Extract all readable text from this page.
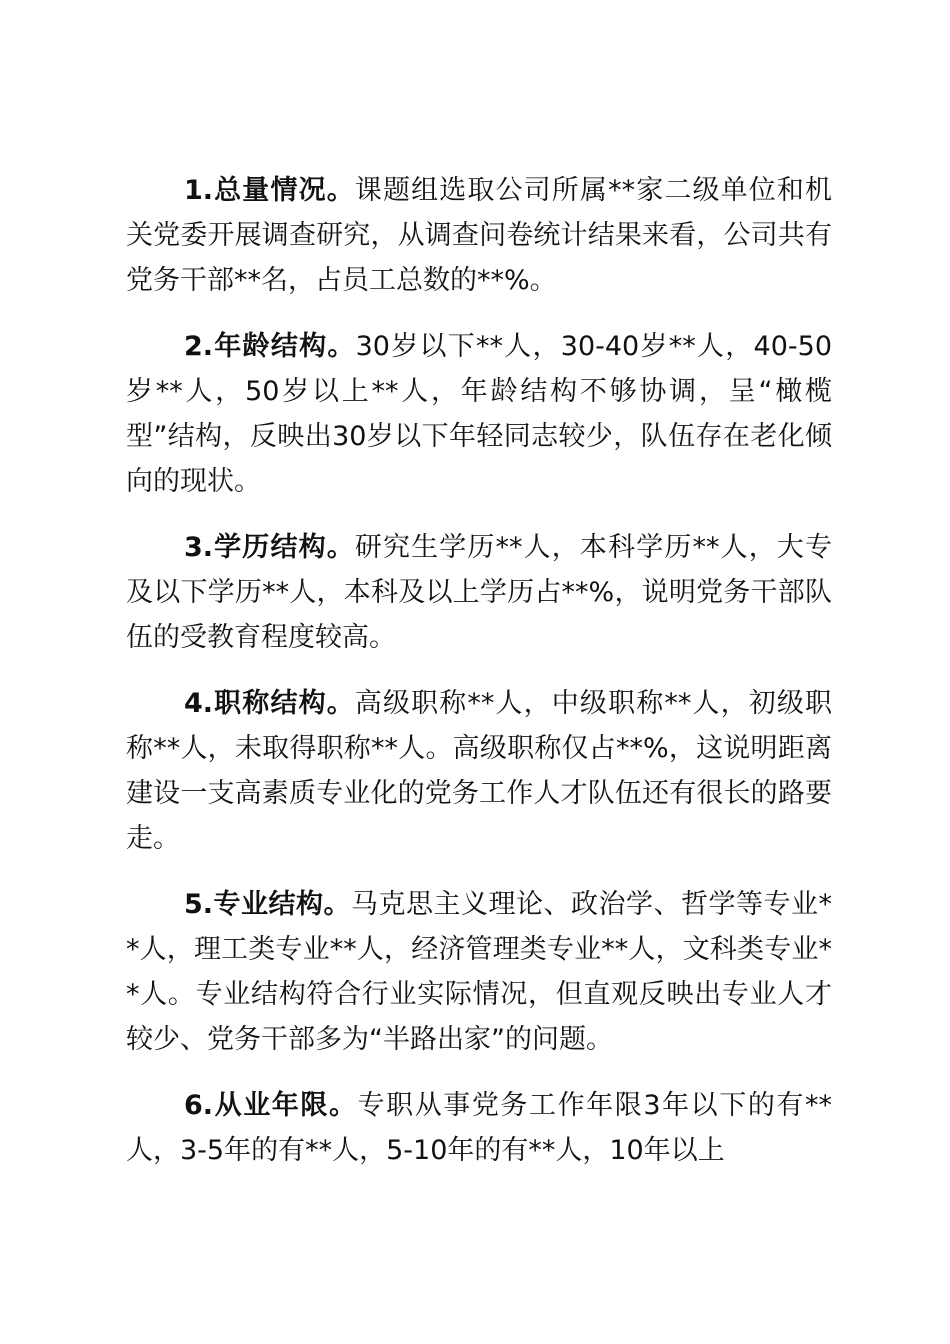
1.总量情况。课题组选取公司所属**家二级单位和机关党委开展调查研究，从调查问卷统计结果来看，公司共有党务干部**名，占员工总数的**%。

2.年龄结构。30岁以下**人，30-40岁**人，40-50岁**人，50岁以上**人，年龄结构不够协调，呈“橄榄型”结构，反映出30岁以下年轻同志较少，队伍存在老化倾向的现状。

3.学历结构。研究生学历**人，本科学历**人，大专及以下学历**人，本科及以上学历占**%，说明党务干部队伍的受教育程度较高。

4.职称结构。高级职称**人，中级职称**人，初级职称**人，未取得职称**人。高级职称仅占**%，这说明距离建设一支高素质专业化的党务工作人才队伍还有很长的路要走。

5.专业结构。马克思主义理论、政治学、哲学等专业**人，理工类专业**人，经济管理类专业**人，文科类专业**人。专业结构符合行业实际情况，但直观反映出专业人才较少、党务干部多为“半路出家”的问题。

6.从业年限。专职从事党务工作年限3年以下的有**人，3-5年的有**人，5-10年的有**人，10年以上
